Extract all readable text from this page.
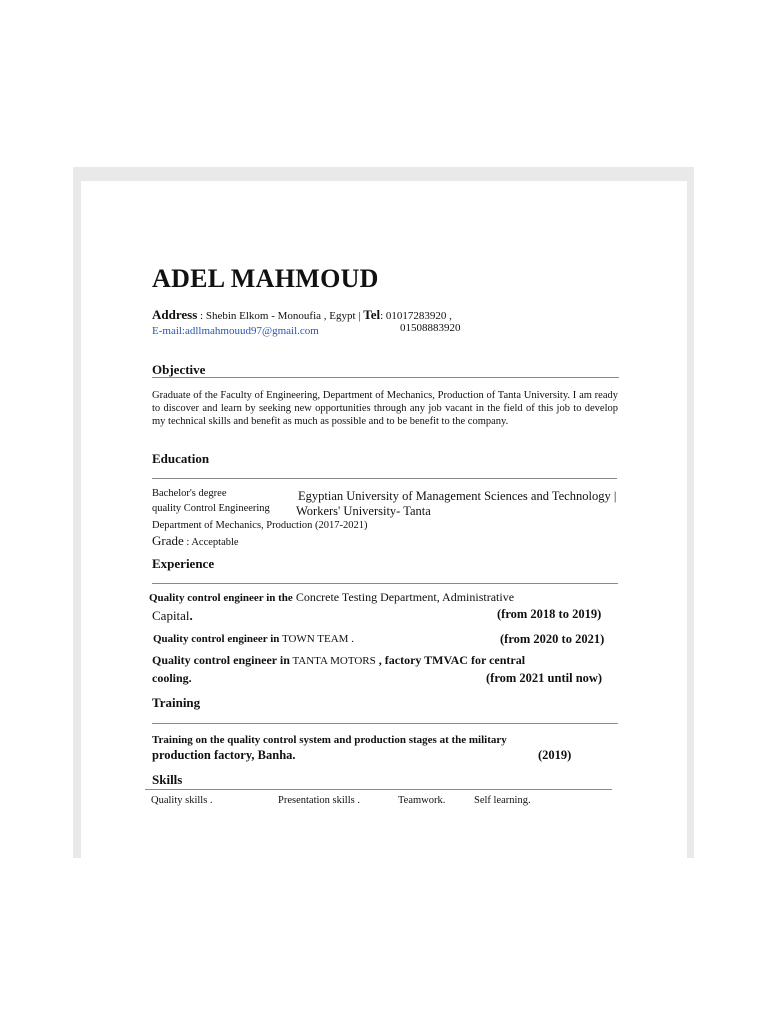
ADEL MAHMOUD
Address : Shebin Elkom - Monoufia , Egypt | Tel: 01017283920 ,
E-mail:adllmahmouud97@gmail.com	01508883920
Objective
Graduate of the Faculty of Engineering, Department of Mechanics, Production of Tanta University. I am ready to discover and learn by seeking new opportunities through any job vacant in the field of this job to develop my technical skills and benefit as much as possible and to be benefit to the company.
Education
Bachelor's degree
quality Control Engineering
Egyptian University of Management Sciences and Technology |
Workers' University- Tanta
Department of Mechanics, Production (2017-2021)
Grade : Acceptable
Experience
Quality control engineer in the Concrete Testing Department, Administrative
Capital.	(from 2018 to 2019)
Quality control engineer in TOWN TEAM .	(from 2020 to 2021)
Quality control engineer in TANTA MOTORS , factory TMVAC for central
cooling.	(from 2021 until now)
Training
Training on the quality control system and production stages at the military
production factory, Banha.	(2019)
Skills
Quality skills .	Presentation skills .	Teamwork.	Self learning.
